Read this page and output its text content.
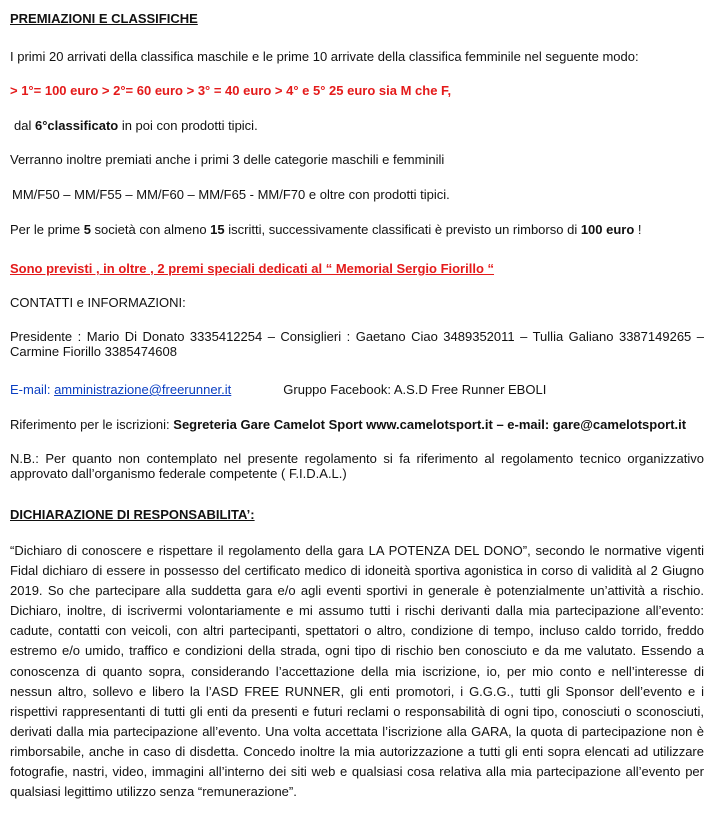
PREMIAZIONI E CLASSIFICHE

I primi 20 arrivati della classifica maschile e le prime 10 arrivate della classifica femminile nel seguente modo:

> 1°= 100 euro > 2°= 60 euro > 3° = 40 euro > 4° e 5° 25 euro sia M che F,

dal 6°classificato in poi con prodotti tipici.

Verranno inoltre premiati anche i primi 3 delle categorie maschili e femminili

MM/F50 – MM/F55 – MM/F60 – MM/F65 - MM/F70 e oltre con prodotti tipici.

Per le prime 5 società con almeno 15 iscritti, successivamente classificati è previsto un rimborso di 100 euro !

Sono previsti , in oltre , 2 premi speciali dedicati al “ Memorial Sergio Fiorillo “

CONTATTI e INFORMAZIONI:

Presidente : Mario Di Donato 3335412254 – Consiglieri : Gaetano Ciao 3489352011 – Tullia Galiano 3387149265 – Carmine Fiorillo 3385474608

E-mail: amministrazione@freerunner.it	Gruppo Facebook: A.S.D Free Runner EBOLI

Riferimento per le iscrizioni: Segreteria Gare Camelot Sport www.camelotsport.it – e-mail: gare@camelotsport.it

N.B.: Per quanto non contemplato nel presente regolamento si fa riferimento al regolamento tecnico organizzativo approvato dall’organismo federale competente ( F.I.D.A.L.)

DICHIARAZIONE DI RESPONSABILITA’:

“Dichiaro di conoscere e rispettare il regolamento della gara LA POTENZA DEL DONO”, secondo le normative vigenti Fidal dichiaro di essere in possesso del certificato medico di idoneità sportiva agonistica in corso di validità al 2 Giugno 2019. So che partecipare alla suddetta gara e/o agli eventi sportivi in generale è potenzialmente un’attività a rischio. Dichiaro, inoltre, di iscrivermi volontariamente e mi assumo tutti i rischi derivanti dalla mia partecipazione all’evento: cadute, contatti con veicoli, con altri partecipanti, spettatori o altro, condizione di tempo, incluso caldo torrido, freddo estremo e/o umido, traffico e condizioni della strada, ogni tipo di rischio ben conosciuto e da me valutato. Essendo a conoscenza di quanto sopra, considerando l’accettazione della mia iscrizione, io, per mio conto e nell’interesse di nessun altro, sollevo e libero la l’ASD FREE RUNNER, gli enti promotori, i G.G.G., tutti gli Sponsor dell’evento e i rispettivi rappresentanti di tutti gli enti da presenti e futuri reclami o responsabilità di ogni tipo, conosciuti o sconosciuti, derivati dalla mia partecipazione all’evento. Una volta accettata l’iscrizione alla GARA, la quota di partecipazione non è rimborsabile, anche in caso di disdetta. Concedo inoltre la mia autorizzazione a tutti gli enti sopra elencati ad utilizzare fotografie, nastri, video, immagini all’interno dei siti web e qualsiasi cosa relativa alla mia partecipazione all’evento per qualsiasi legittimo utilizzo senza “remunerazione”.
